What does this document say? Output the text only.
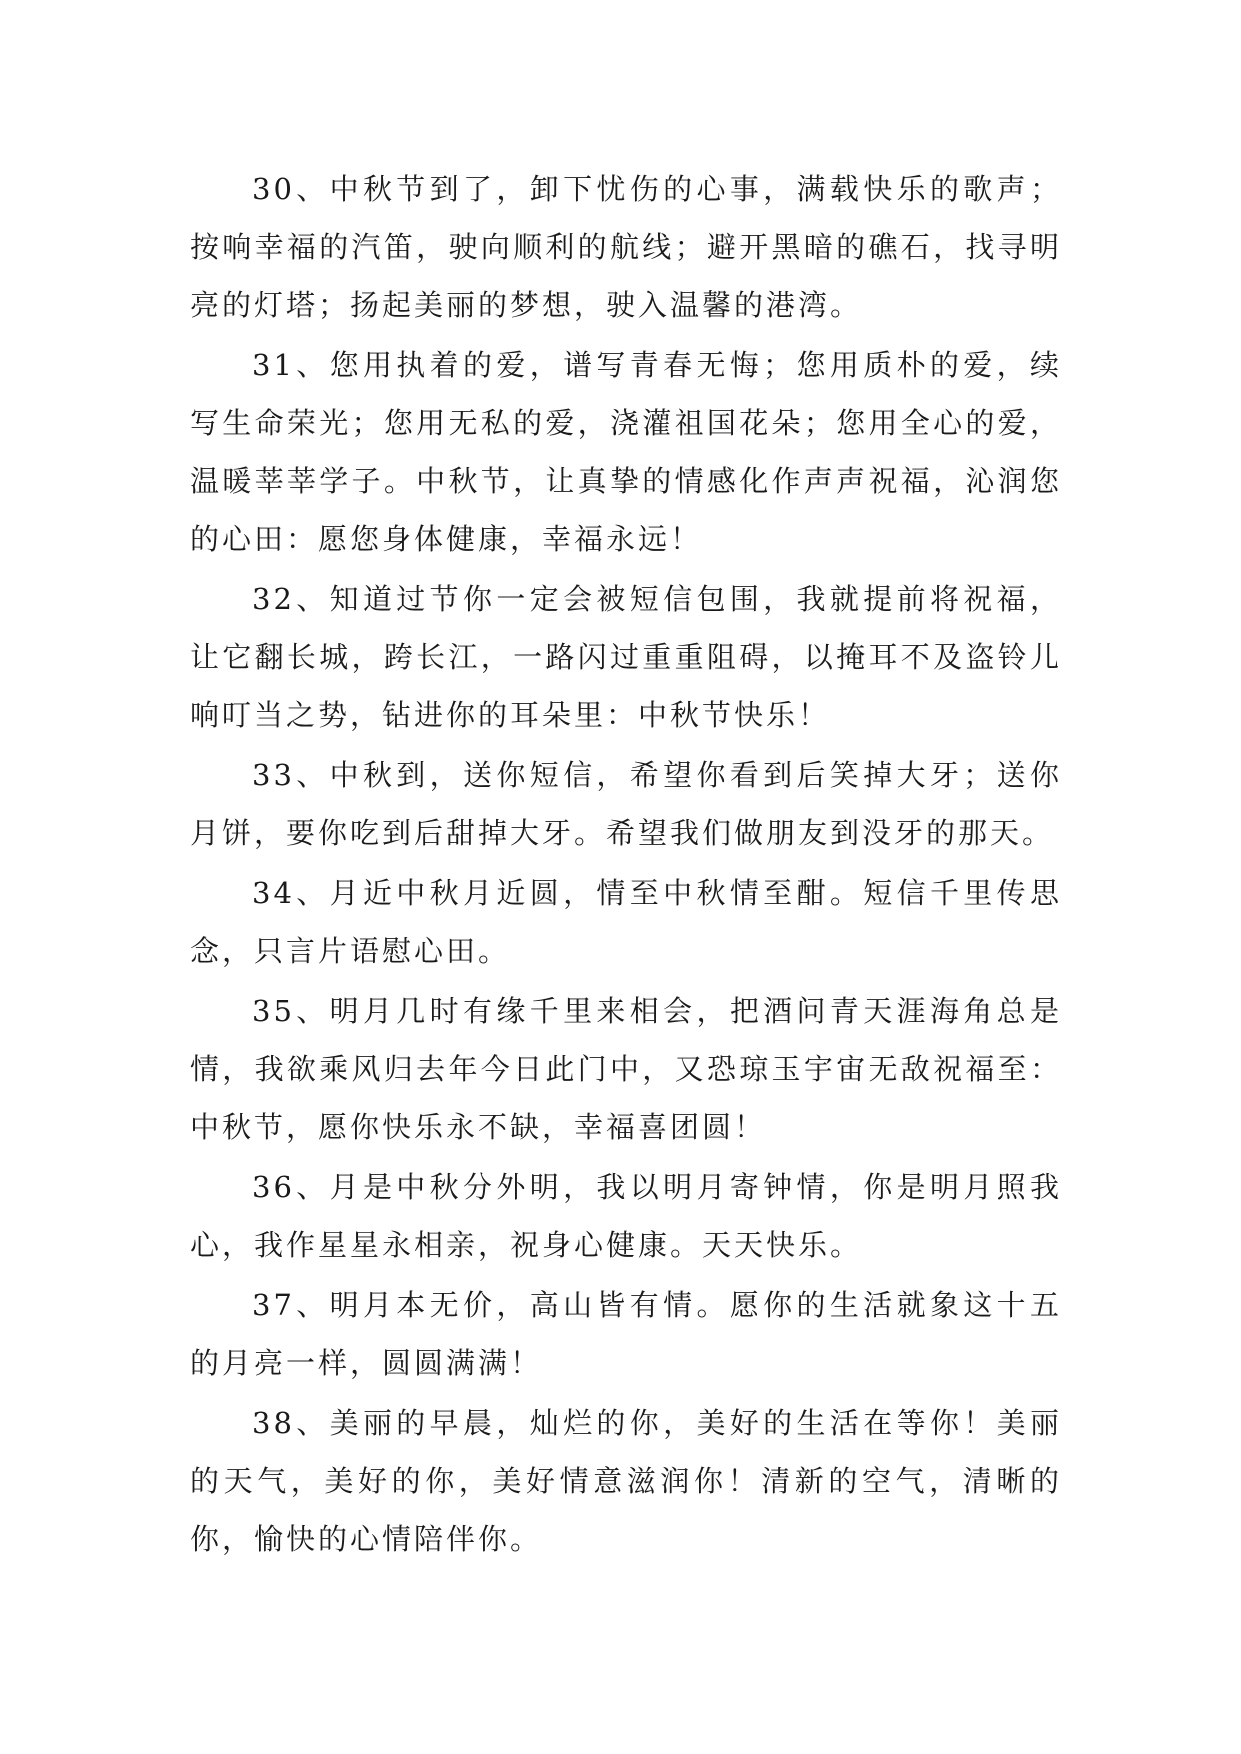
30、中秋节到了，卸下忧伤的心事，满载快乐的歌声；按响幸福的汽笛，驶向顺利的航线；避开黑暗的礁石，找寻明亮的灯塔；扬起美丽的梦想，驶入温馨的港湾。

31、您用执着的爱，谱写青春无悔；您用质朴的爱，续写生命荣光；您用无私的爱，浇灌祖国花朵；您用全心的爱，温暖莘莘学子。中秋节，让真挚的情感化作声声祝福，沁润您的心田：愿您身体健康，幸福永远！

32、知道过节你一定会被短信包围，我就提前将祝福，让它翻长城，跨长江，一路闪过重重阻碍，以掩耳不及盗铃儿响叮当之势，钻进你的耳朵里：中秋节快乐！

33、中秋到，送你短信，希望你看到后笑掉大牙；送你月饼，要你吃到后甜掉大牙。希望我们做朋友到没牙的那天。

34、月近中秋月近圆，情至中秋情至酣。短信千里传思念，只言片语慰心田。

35、明月几时有缘千里来相会，把酒问青天涯海角总是情，我欲乘风归去年今日此门中，又恐琼玉宇宙无敌祝福至：中秋节，愿你快乐永不缺，幸福喜团圆！

36、月是中秋分外明，我以明月寄钟情，你是明月照我心，我作星星永相亲，祝身心健康。天天快乐。

37、明月本无价，高山皆有情。愿你的生活就象这十五的月亮一样，圆圆满满！

38、美丽的早晨，灿烂的你，美好的生活在等你！美丽的天气，美好的你，美好情意滋润你！清新的空气，清晰的你，愉快的心情陪伴你。
